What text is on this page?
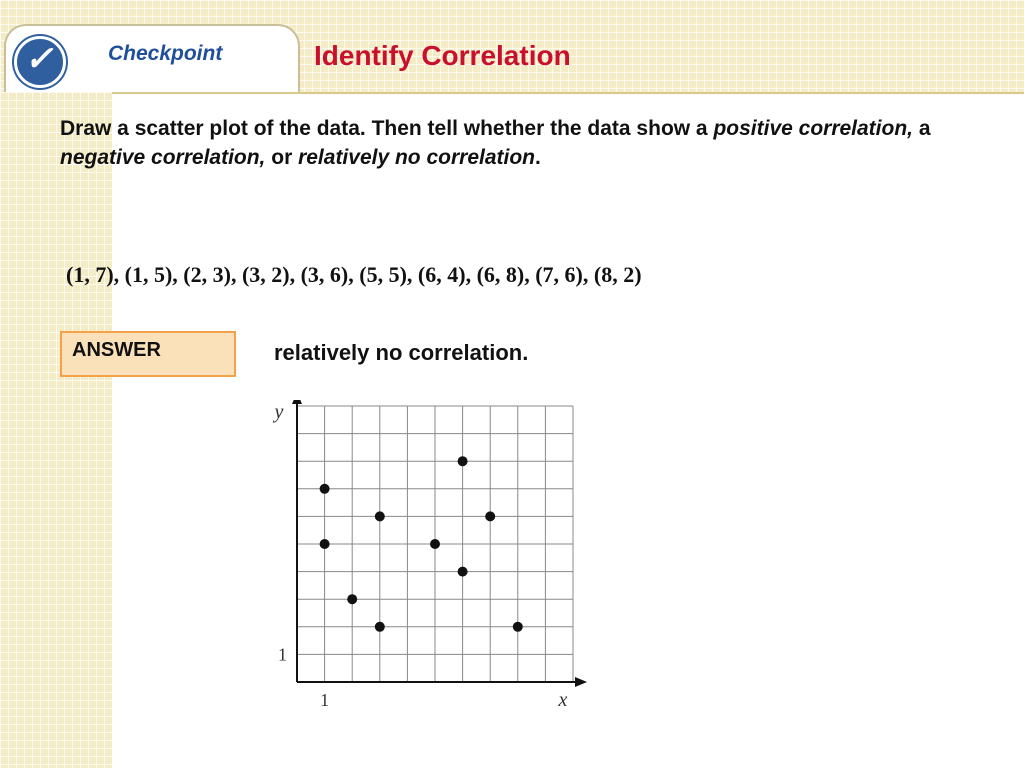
✓	Checkpoint	Identify Correlation
Draw a scatter plot of the data. Then tell whether the data show a positive correlation, a negative correlation, or relatively no correlation.
(1, 7), (1, 5), (2, 3), (3, 2), (3, 6), (5, 5), (6, 4), (6, 8), (7, 6), (8, 2)
ANSWER	relatively no correlation.
1
1
x
y
